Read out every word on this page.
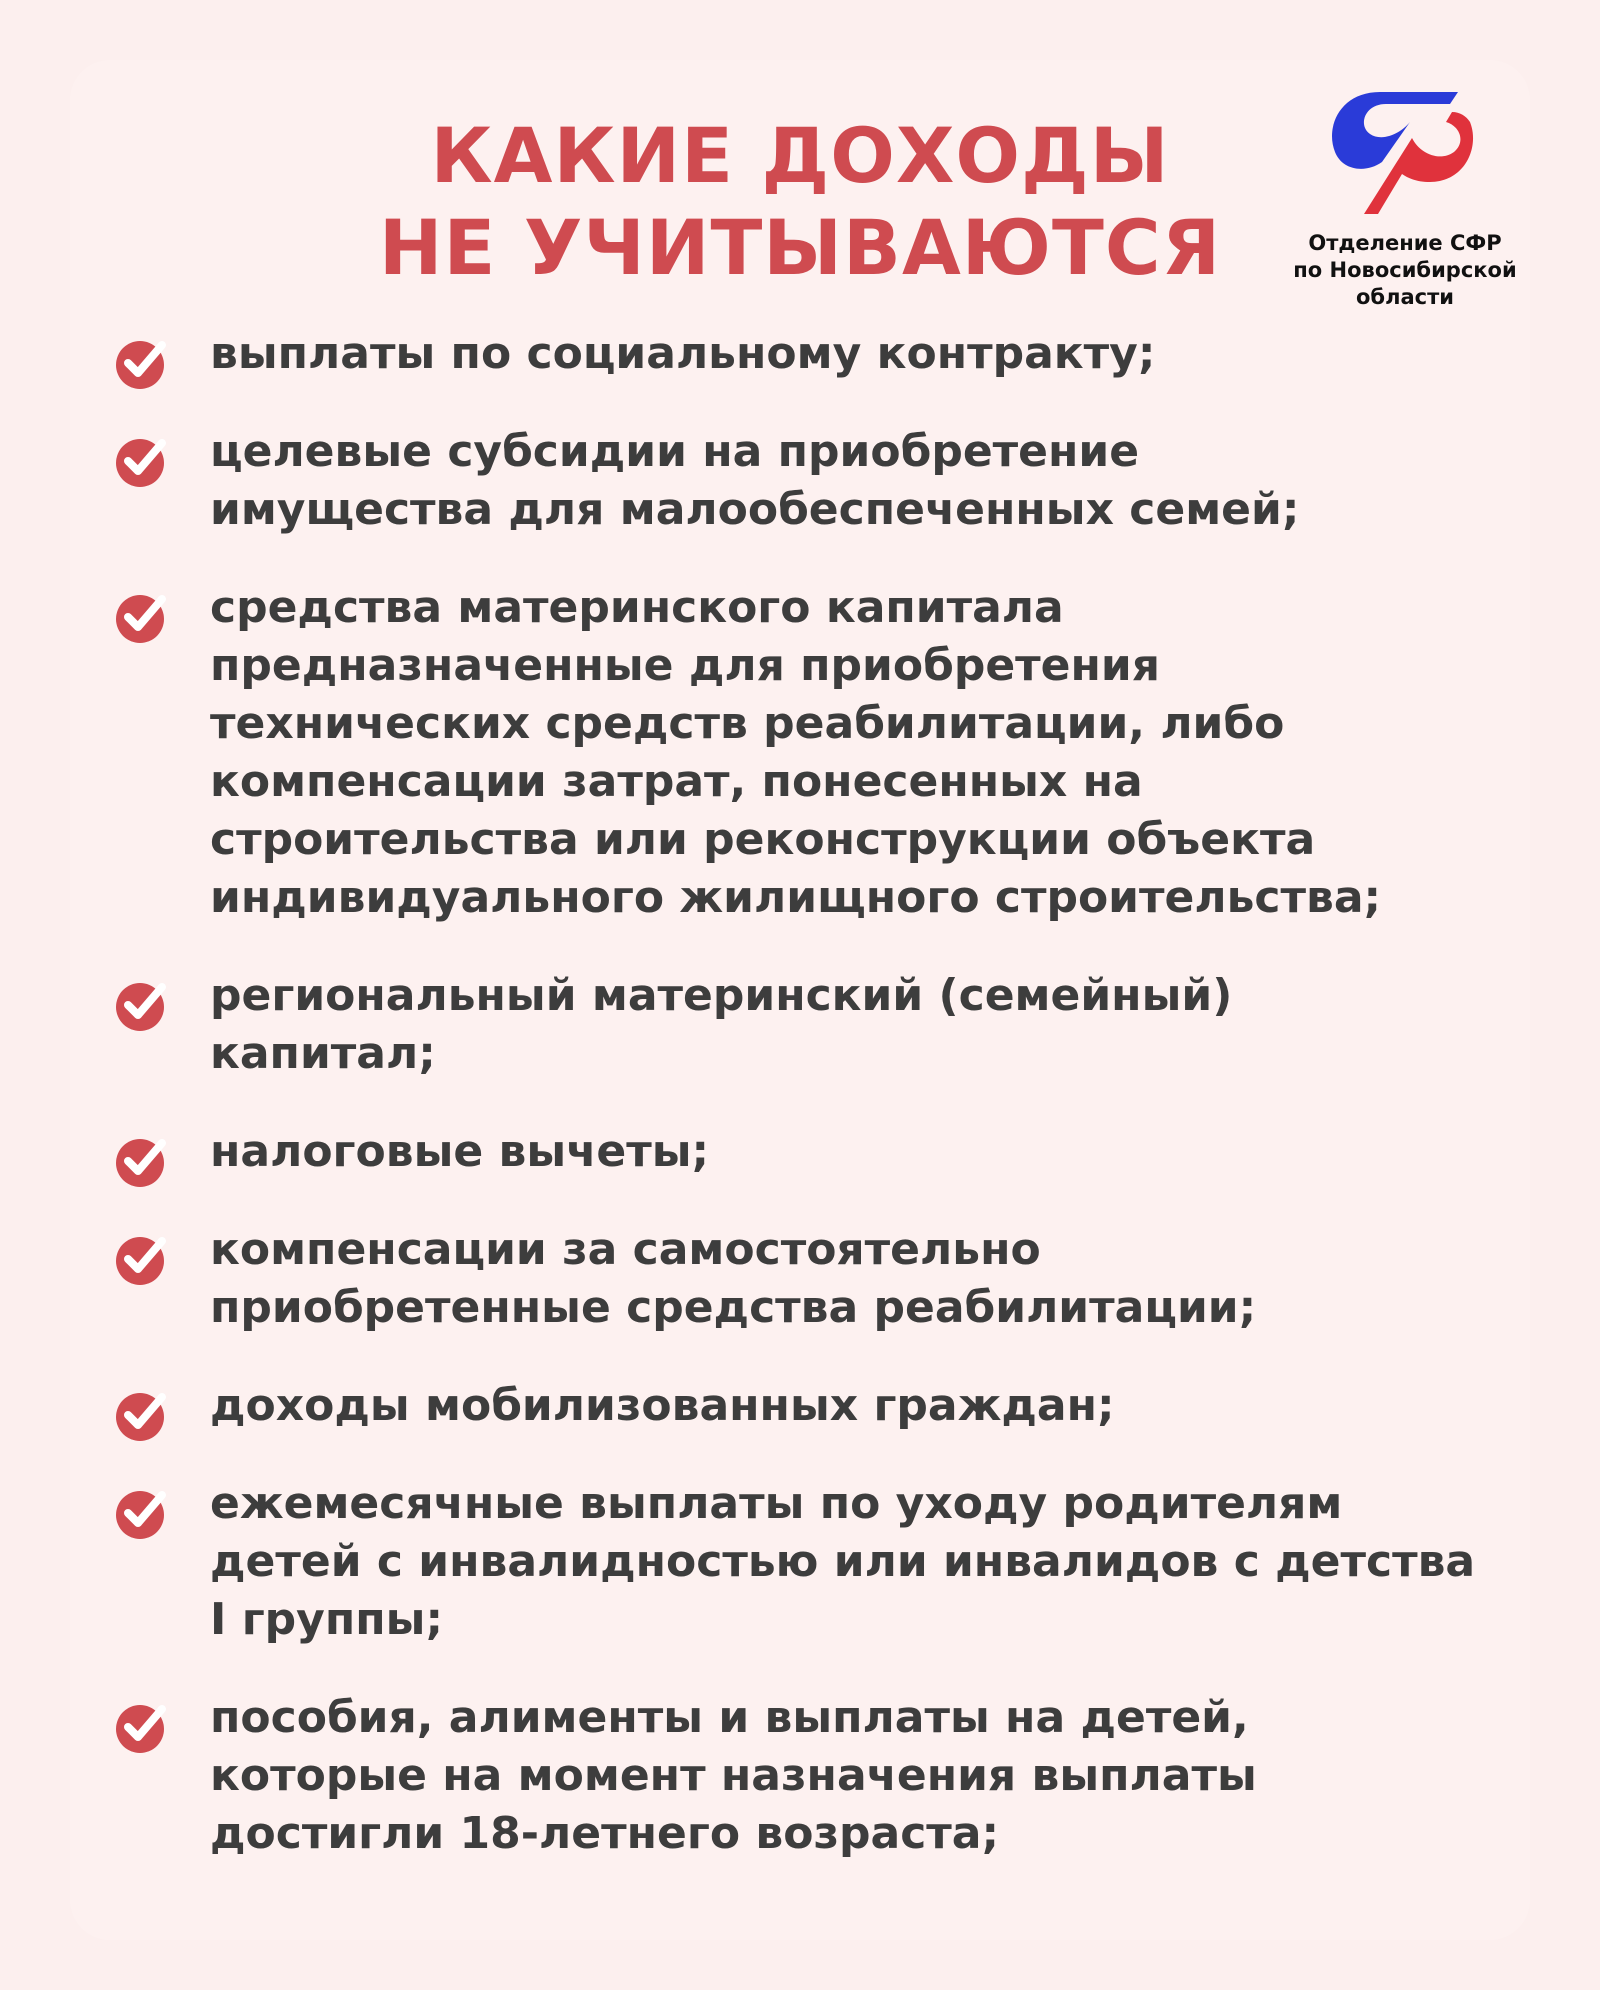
КАКИЕ ДОХОДЫ
НЕ УЧИТЫВАЮТСЯ	Отделение СФР
по Новосибирской
области
выплаты по социальному контракту;
целевые субсидии на приобретение
имущества для малообеспеченных семей;
средства материнского капитала
предназначенные для приобретения
технических средств реабилитации, либо
компенсации затрат, понесенных на
строительства или реконструкции объекта
индивидуального жилищного строительства;
региональный материнский (семейный)
капитал;
налоговые вычеты;
компенсации за самостоятельно
приобретенные средства реабилитации;
доходы мобилизованных граждан;
ежемесячные выплаты по уходу родителям
детей с инвалидностью или инвалидов с детства
I группы;
пособия, алименты и выплаты на детей,
которые на момент назначения выплаты
достигли 18-летнего возраста;
